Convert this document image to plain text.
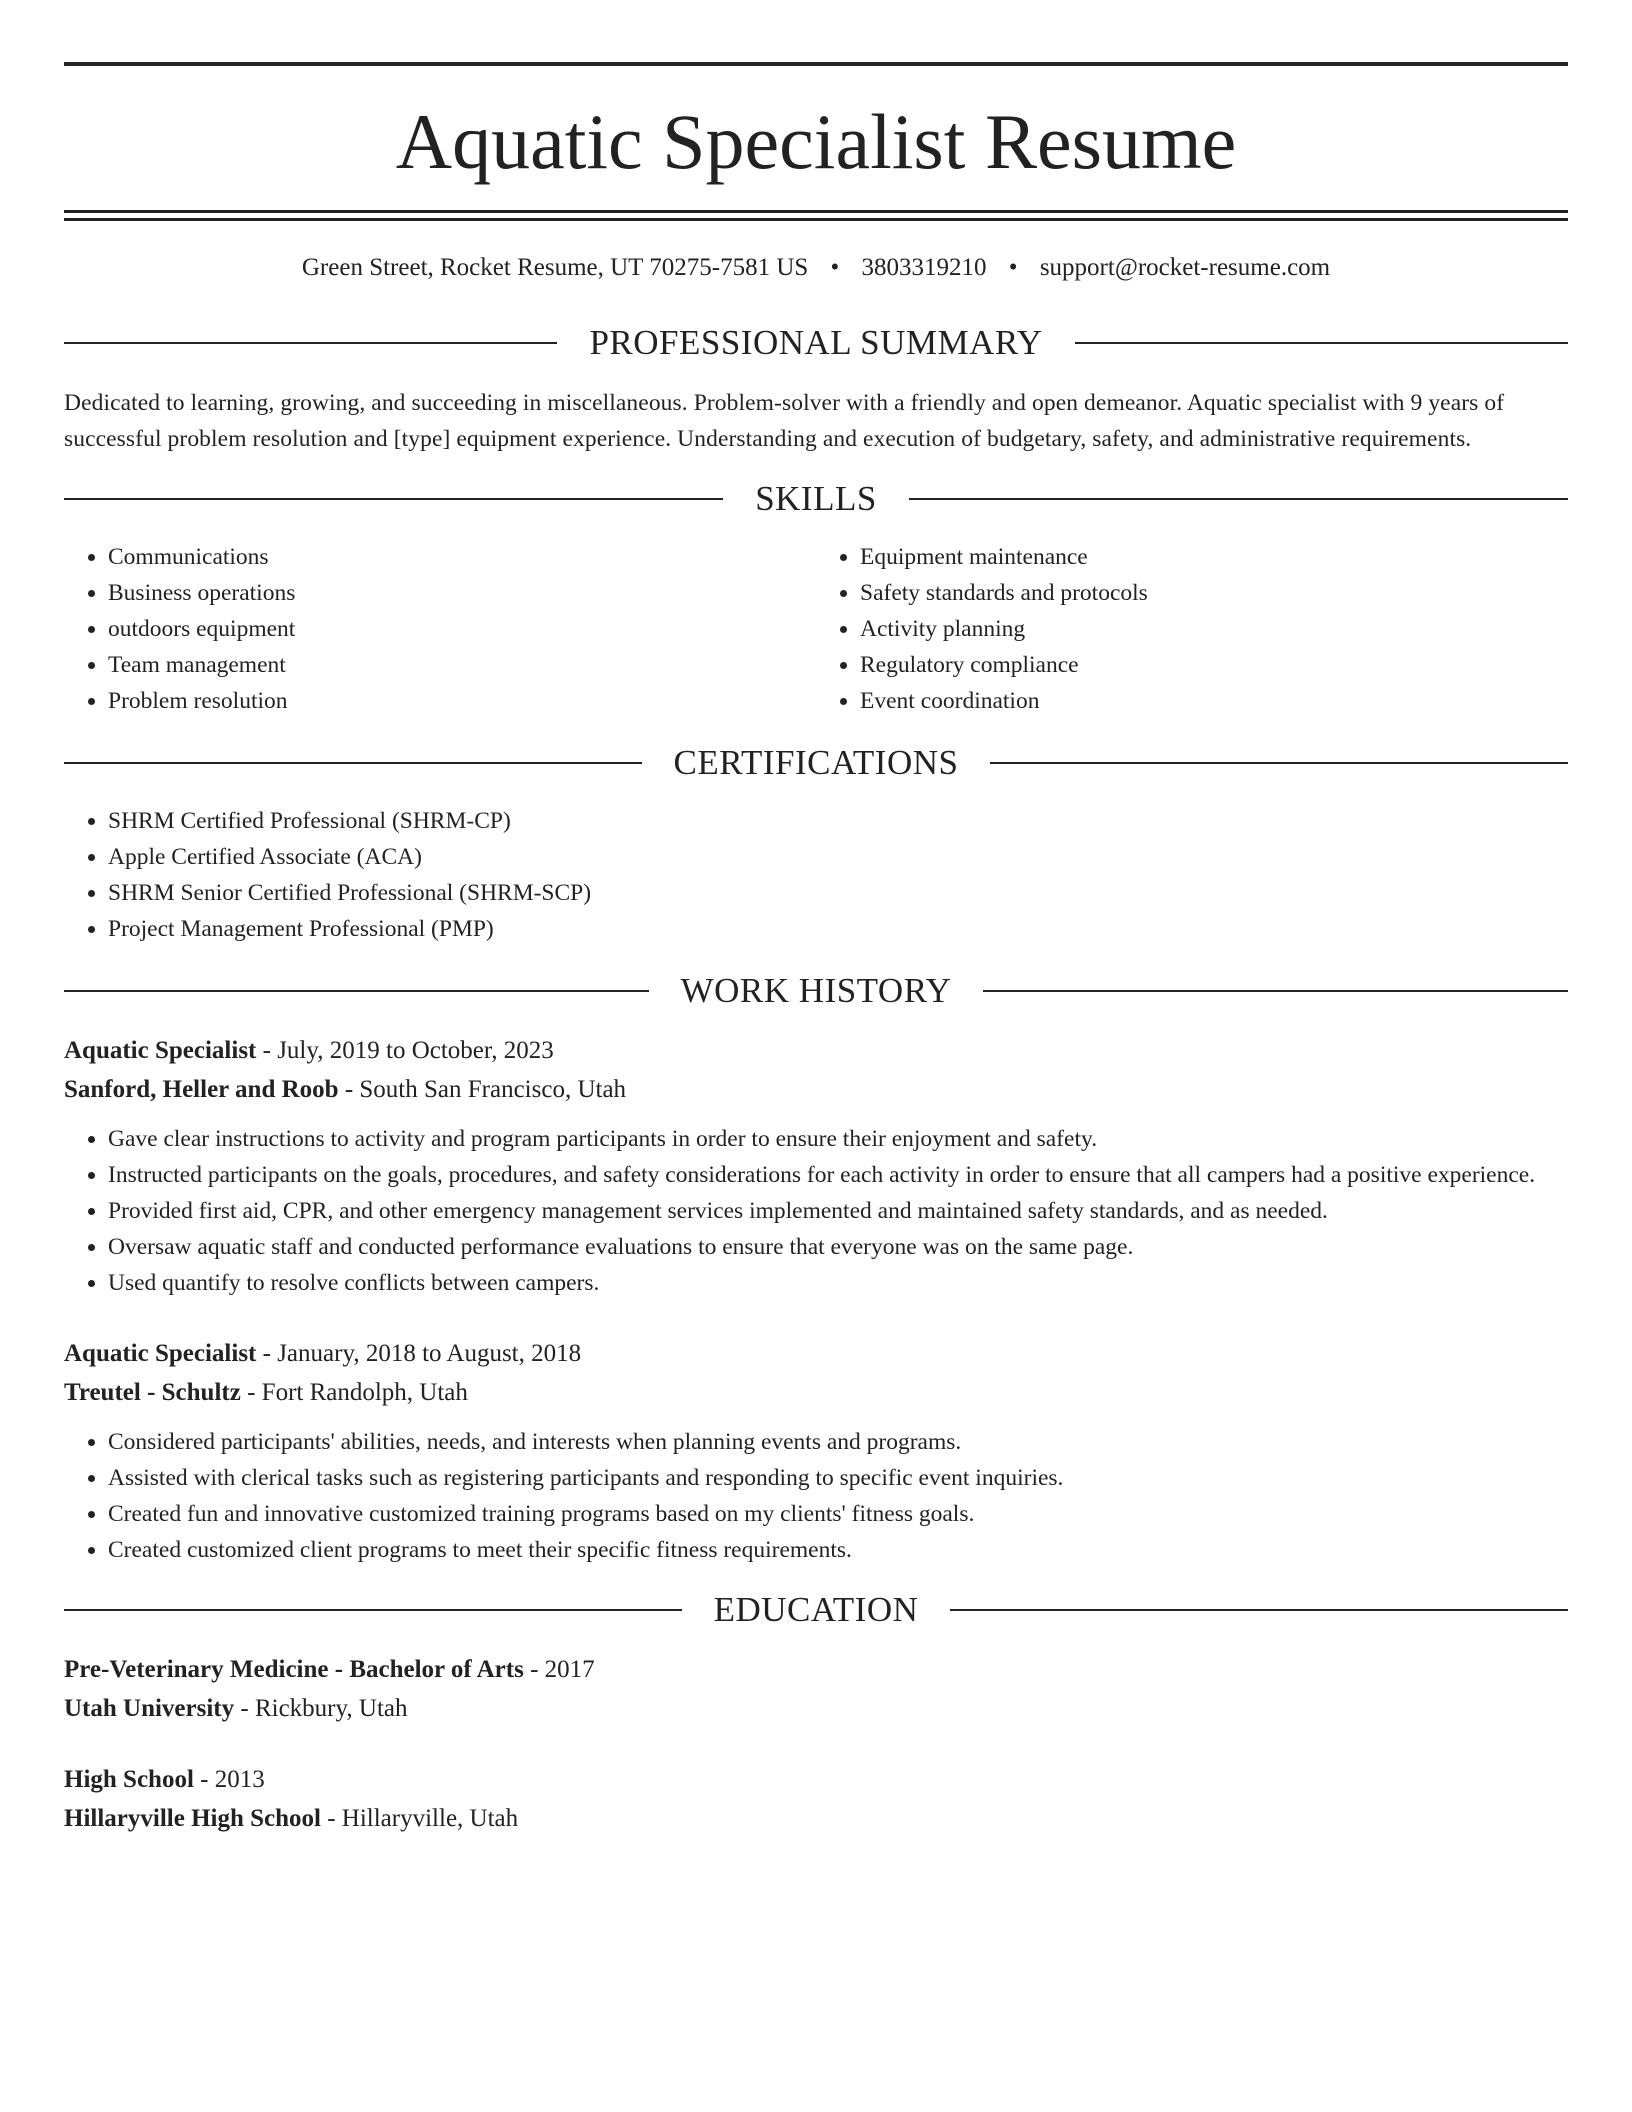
Aquatic Specialist Resume
Green Street, Rocket Resume, UT 70275-7581 US • 3803319210 • support@rocket-resume.com
PROFESSIONAL SUMMARY
Dedicated to learning, growing, and succeeding in miscellaneous. Problem-solver with a friendly and open demeanor. Aquatic specialist with 9 years of successful problem resolution and [type] equipment experience. Understanding and execution of budgetary, safety, and administrative requirements.
SKILLS
• Communications
• Business operations
• outdoors equipment
• Team management
• Problem resolution
• Equipment maintenance
• Safety standards and protocols
• Activity planning
• Regulatory compliance
• Event coordination
CERTIFICATIONS
• SHRM Certified Professional (SHRM-CP)
• Apple Certified Associate (ACA)
• SHRM Senior Certified Professional (SHRM-SCP)
• Project Management Professional (PMP)
WORK HISTORY
Aquatic Specialist - July, 2019 to October, 2023
Sanford, Heller and Roob - South San Francisco, Utah
• Gave clear instructions to activity and program participants in order to ensure their enjoyment and safety.
• Instructed participants on the goals, procedures, and safety considerations for each activity in order to ensure that all campers had a positive experience.
• Provided first aid, CPR, and other emergency management services implemented and maintained safety standards, and as needed.
• Oversaw aquatic staff and conducted performance evaluations to ensure that everyone was on the same page.
• Used quantify to resolve conflicts between campers.
Aquatic Specialist - January, 2018 to August, 2018
Treutel - Schultz - Fort Randolph, Utah
• Considered participants' abilities, needs, and interests when planning events and programs.
• Assisted with clerical tasks such as registering participants and responding to specific event inquiries.
• Created fun and innovative customized training programs based on my clients' fitness goals.
• Created customized client programs to meet their specific fitness requirements.
EDUCATION
Pre-Veterinary Medicine - Bachelor of Arts - 2017
Utah University - Rickbury, Utah
High School - 2013
Hillaryville High School - Hillaryville, Utah
